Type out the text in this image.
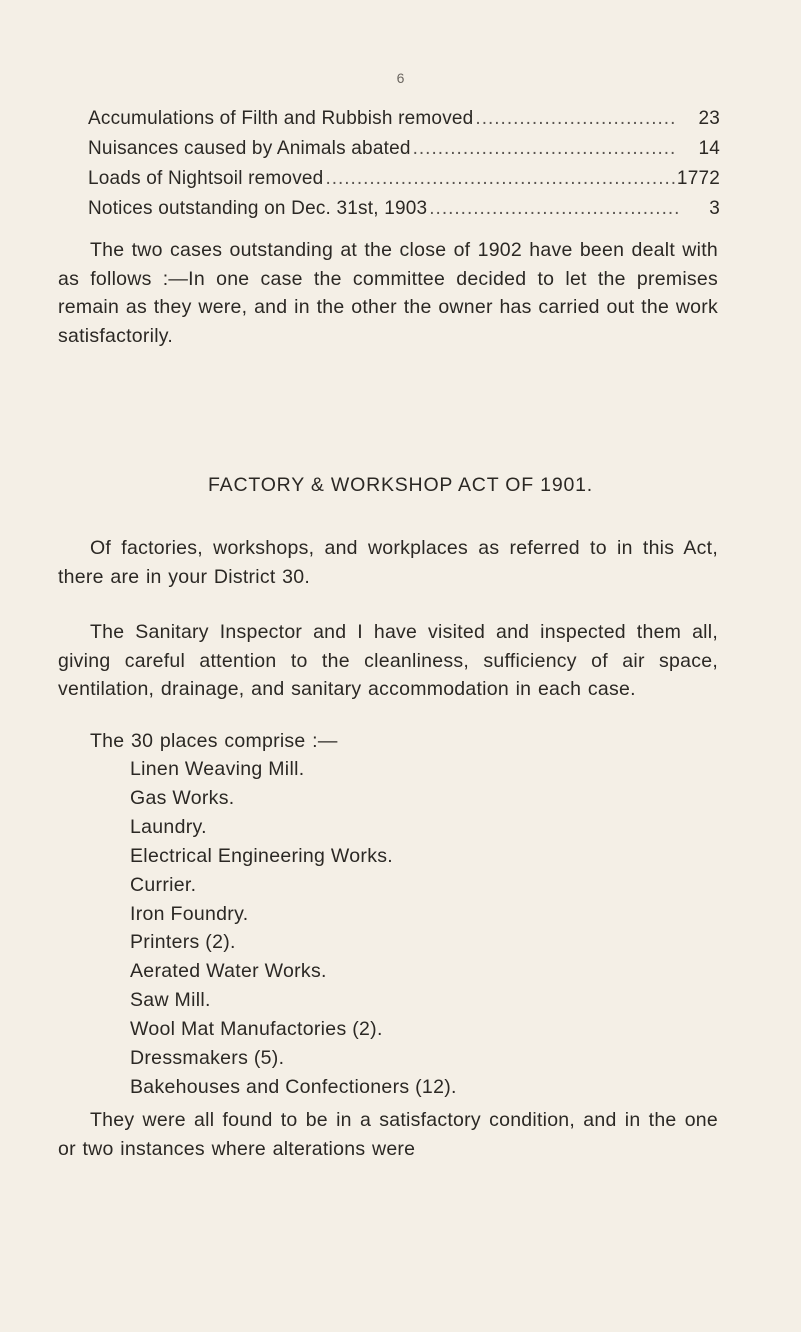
6
Accumulations of Filth and Rubbish removed .....	23
Nuisances caused by Animals abated .....	14
Loads of Nightsoil removed .....	1772
Notices outstanding on Dec. 31st, 1903 .....	3

The two cases outstanding at the close of 1902 have been dealt with as follows :—In one case the committee decided to let the premises remain as they were, and in the other the owner has carried out the work satisfactorily.

FACTORY & WORKSHOP ACT OF 1901.

Of factories, workshops, and workplaces as referred to in this Act, there are in your District 30.

The Sanitary Inspector and I have visited and inspected them all, giving careful attention to the cleanliness, sufficiency of air space, ventilation, drainage, and sanitary accommodation in each case.

The 30 places comprise :—

Linen Weaving Mill.
Gas Works.
Laundry.
Electrical Engineering Works.
Currier.
Iron Foundry.
Printers (2).
Aerated Water Works.
Saw Mill.
Wool Mat Manufactories (2).
Dressmakers (5).
Bakehouses and Confectioners (12).

They were all found to be in a satisfactory condition, and in the one or two instances where alterations were
